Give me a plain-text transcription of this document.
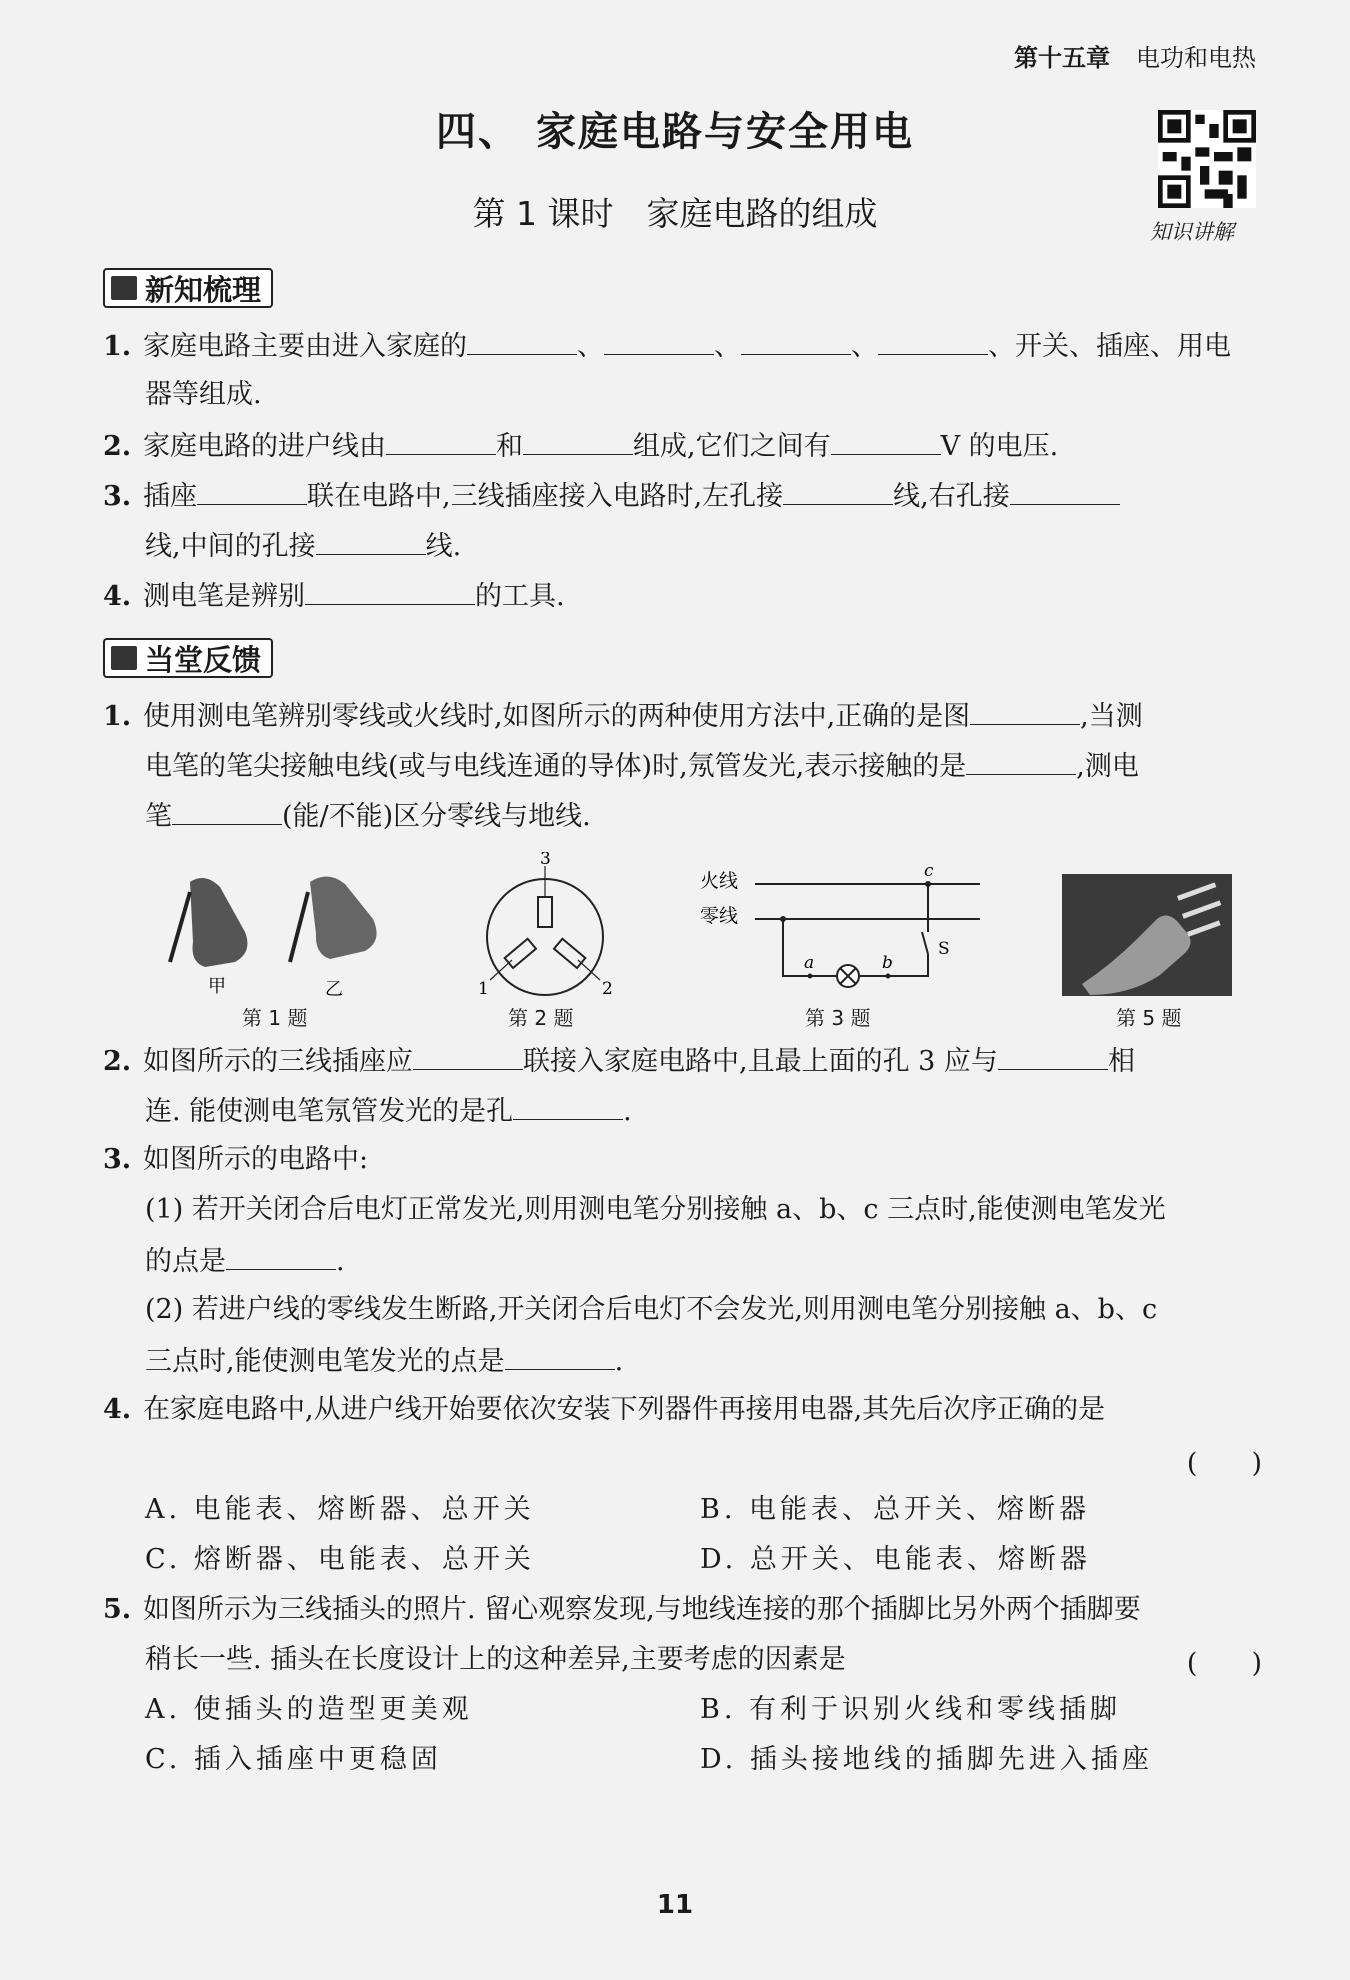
第十五章 电功和电热
四、 家庭电路与安全用电
第 1 课时　家庭电路的组成	知识讲解
新知梳理
1. 家庭电路主要由进入家庭的	、	、	、	、开关、插座、用电
器等组成.
2. 家庭电路的进户线由	和	组成,它们之间有	V 的电压.
3. 插座	联在电路中,三线插座接入电路时,左孔接	线,右孔接
线,中间的孔接	线.
4. 测电笔是辨别	的工具.
当堂反馈
1. 使用测电笔辨别零线或火线时,如图所示的两种使用方法中,正确的是图	,当测
电笔的笔尖接触电线(或与电线连通的导体)时,氖管发光,表示接触的是	,测电
笔	(能/不能)区分零线与地线.
甲	乙
第 1 题
3
1	2
第 2 题
火线
零线
a	b
c
S
第 3 题	第 5 题
2. 如图所示的三线插座应	联接入家庭电路中,且最上面的孔 3 应与	相
连. 能使测电笔氖管发光的是孔	.
3. 如图所示的电路中:
(1) 若开关闭合后电灯正常发光,则用测电笔分别接触 a、b、c 三点时,能使测电笔发光
的点是	.
(2) 若进户线的零线发生断路,开关闭合后电灯不会发光,则用测电笔分别接触 a、b、c
三点时,能使测电笔发光的点是	.
4. 在家庭电路中,从进户线开始要依次安装下列器件再接用电器,其先后次序正确的是
(　　)
A. 电能表、熔断器、总开关	B. 电能表、总开关、熔断器
C. 熔断器、电能表、总开关	D. 总开关、电能表、熔断器
5. 如图所示为三线插头的照片. 留心观察发现,与地线连接的那个插脚比另外两个插脚要
稍长一些. 插头在长度设计上的这种差异,主要考虑的因素是	(　　)
A. 使插头的造型更美观	B. 有利于识别火线和零线插脚
C. 插入插座中更稳固	D. 插头接地线的插脚先进入插座
11
